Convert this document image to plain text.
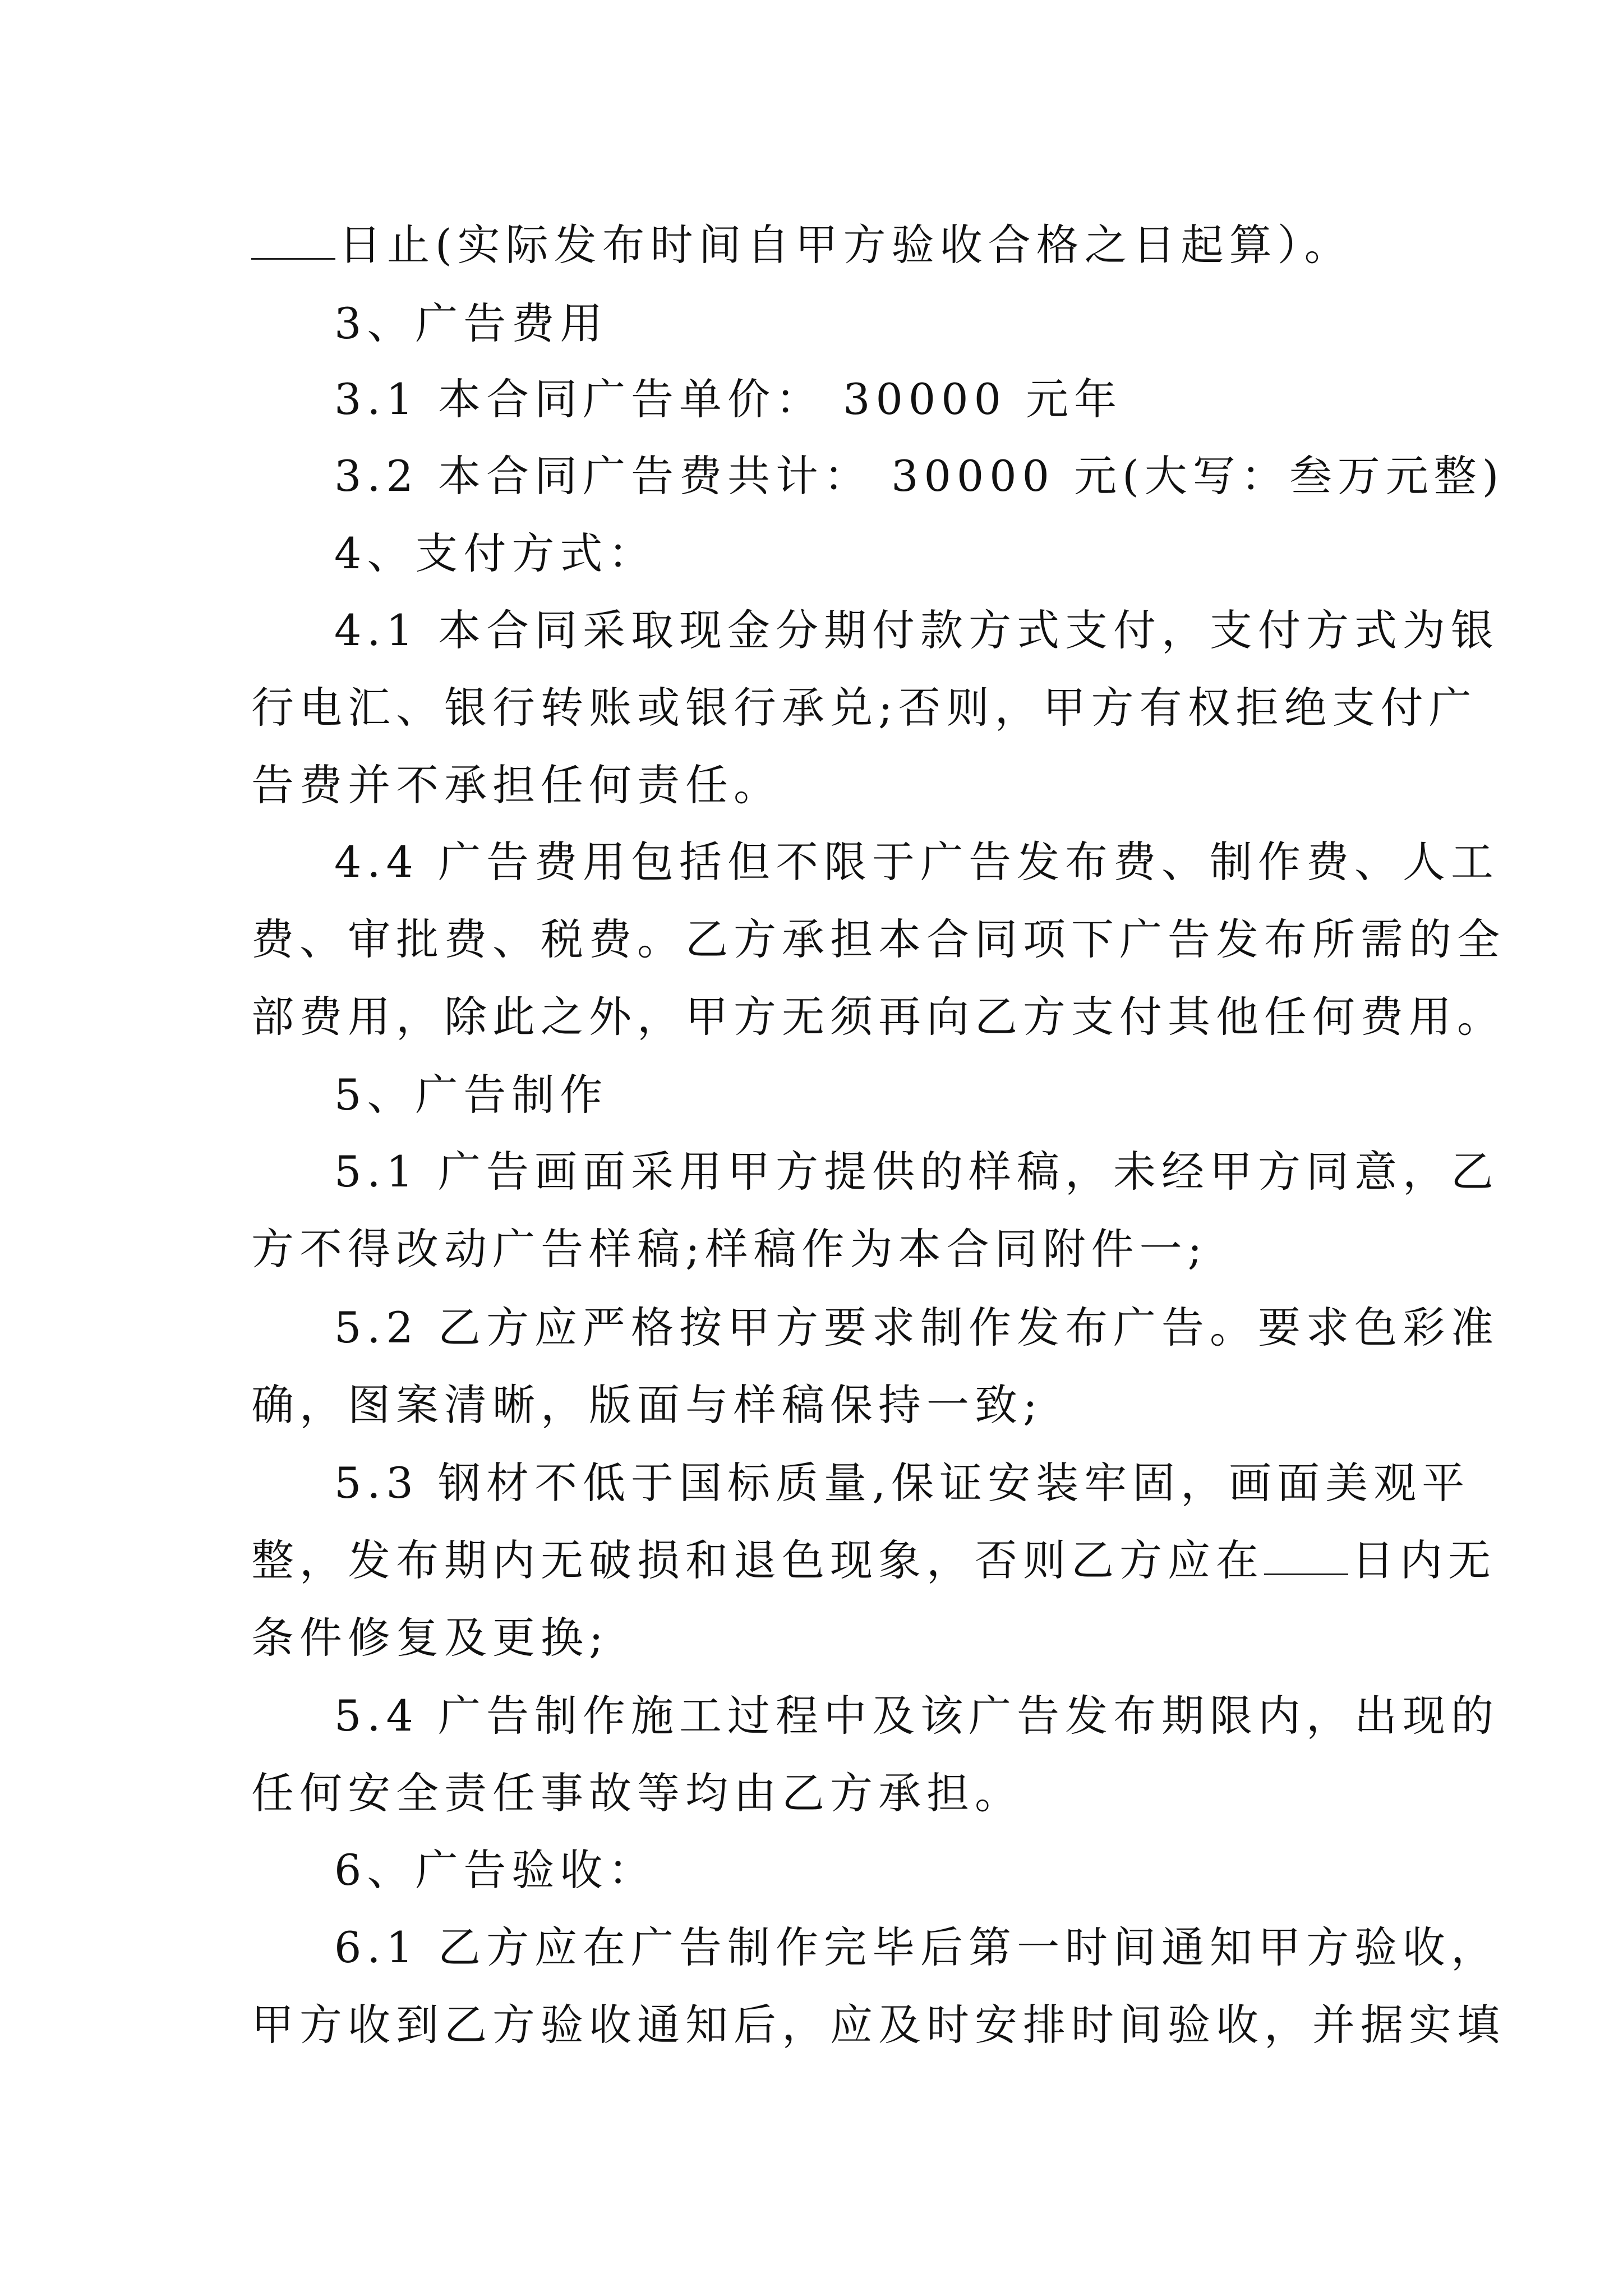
日止(实际发布时间自甲方验收合格之日起算）。

3、广告费用

3.1 本合同广告单价： 30000 元年

3.2 本合同广告费共计： 30000 元(大写：叁万元整)

4、支付方式：

4.1 本合同采取现金分期付款方式支付，支付方式为银
行电汇、银行转账或银行承兑;否则，甲方有权拒绝支付广
告费并不承担任何责任。

4.4 广告费用包括但不限于广告发布费、制作费、人工
费、审批费、税费。乙方承担本合同项下广告发布所需的全
部费用，除此之外，甲方无须再向乙方支付其他任何费用。

5、广告制作

5.1 广告画面采用甲方提供的样稿，未经甲方同意，乙
方不得改动广告样稿;样稿作为本合同附件一;

5.2 乙方应严格按甲方要求制作发布广告。要求色彩准
确，图案清晰，版面与样稿保持一致;

5.3 钢材不低于国标质量,保证安装牢固，画面美观平
整，发布期内无破损和退色现象，否则乙方应在 日内无
条件修复及更换;

5.4 广告制作施工过程中及该广告发布期限内，出现的
任何安全责任事故等均由乙方承担。

6、广告验收：

6.1 乙方应在广告制作完毕后第一时间通知甲方验收，
甲方收到乙方验收通知后，应及时安排时间验收，并据实填
